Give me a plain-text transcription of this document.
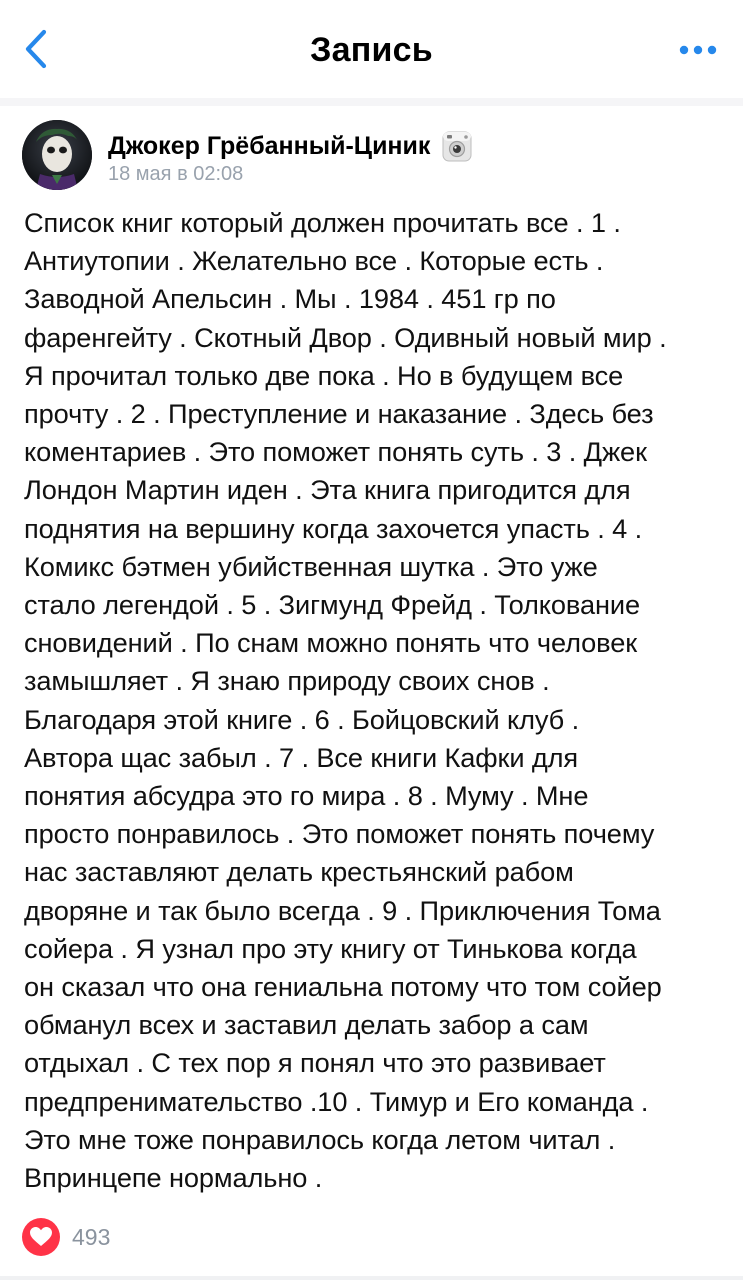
Запись
Джокер Грёбанный-Циник
18 мая в 02:08
Список книг который должен прочитать все . 1 .
Антиутопии . Желательно все . Которые есть .
Заводной Апельсин . Мы . 1984 . 451 гр по
фаренгейту . Скотный Двор . Одивный новый мир .
Я прочитал только две пока . Но в будущем все
прочту . 2 . Преступление и наказание . Здесь без
коментариев . Это поможет понять суть . 3 . Джек
Лондон Мартин иден . Эта книга пригодится для
поднятия на вершину когда захочется упасть . 4 .
Комикс бэтмен убийственная шутка . Это уже
стало легендой . 5 . Зигмунд Фрейд . Толкование
сновидений . По снам можно понять что человек
замышляет . Я знаю природу своих снов .
Благодаря этой книге . 6 . Бойцовский клуб .
Автора щас забыл . 7 . Все книги Кафки для
понятия абсудра это го мира . 8 . Муму . Мне
просто понравилось . Это поможет понять почему
нас заставляют делать крестьянский рабом
дворяне и так было всегда . 9 . Приключения Тома
сойера . Я узнал про эту книгу от Тинькова когда
он сказал что она гениальна потому что том сойер
обманул всех и заставил делать забор а сам
отдыхал . С тех пор я понял что это развивает
предпренимательство .10 . Тимур и Его команда .
Это мне тоже понравилось когда летом читал .
Впринцепе нормально .
493
